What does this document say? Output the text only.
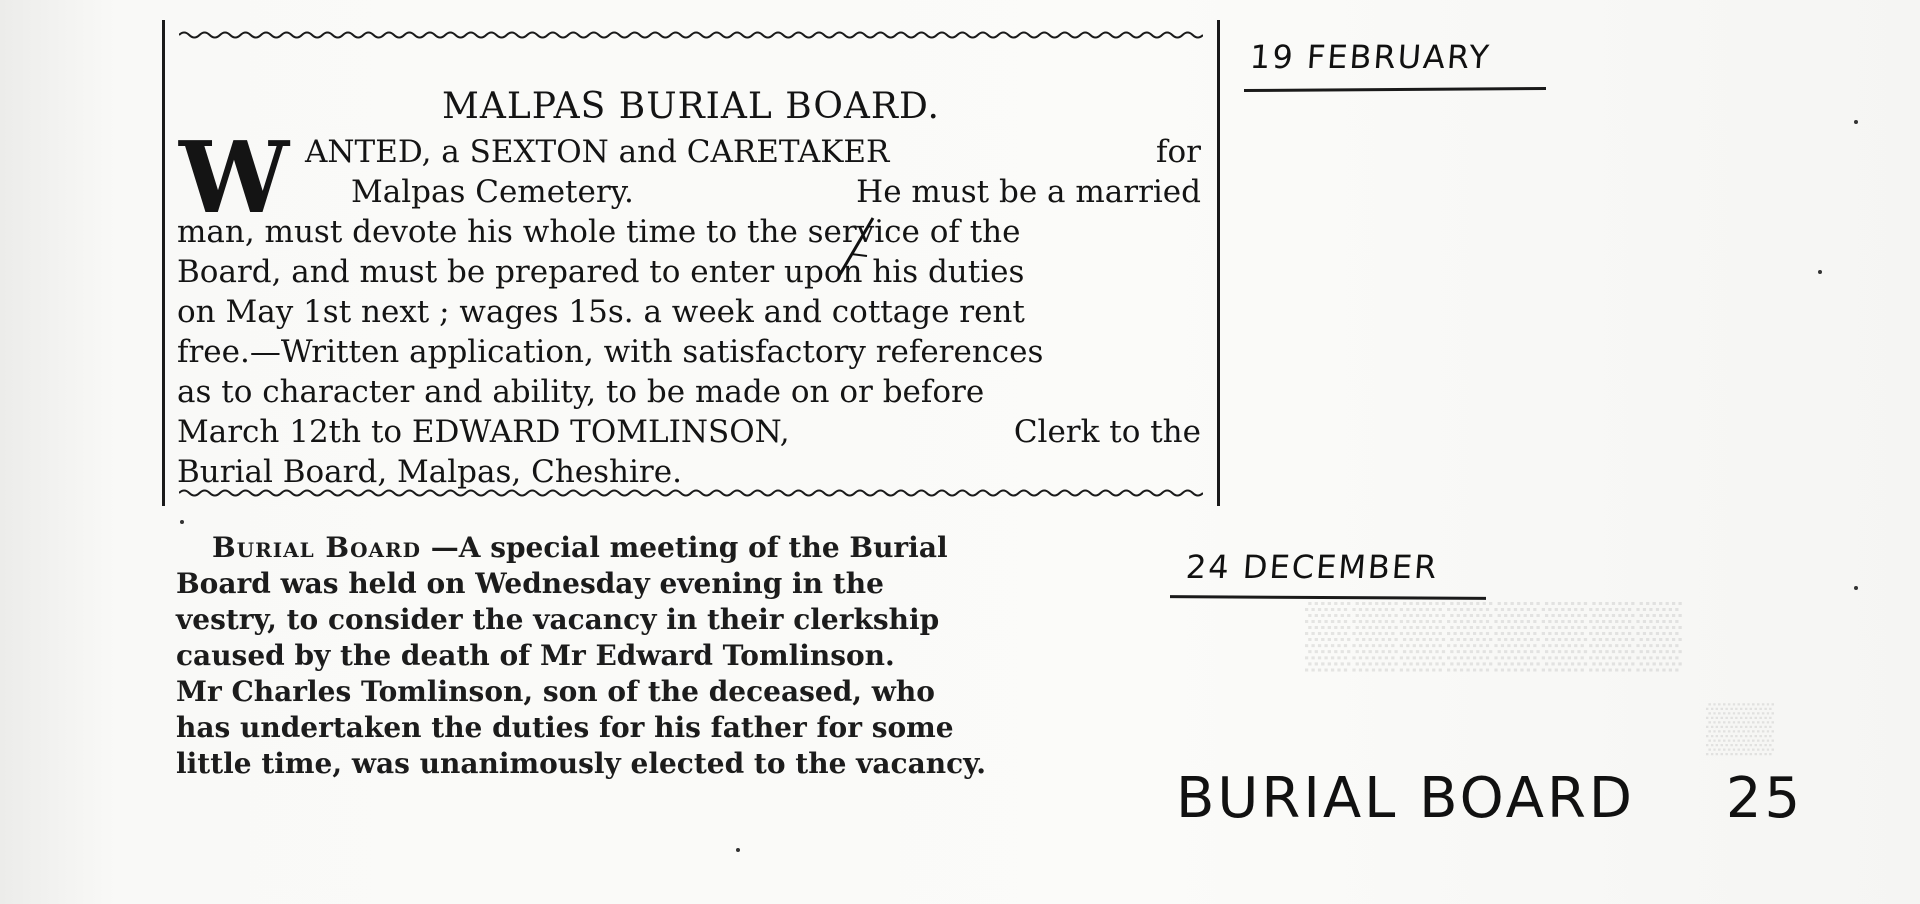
▒▒▒▒▒▒▒▒
▒▒
MALPAS BURIAL BOARD.
W ANTED, a SEXTON and CARETAKER	for
Malpas Cemetery.	He must be a married
man, must devote his whole time to the service of the
Board, and must be prepared to enter upon his duties
on May 1st next ; wages 15s. a week and cottage rent
free.—Written application, with satisfactory references
as to character and ability, to be made on or before
March 12th to EDWARD TOMLINSON,	Clerk to the
Burial Board, Malpas, Cheshire.
Burial Board —A special meeting of the Burial
Board was held on Wednesday evening in the
vestry, to consider the vacancy in their clerkship
caused by the death of Mr Edward Tomlinson.
Mr Charles Tomlinson, son of the deceased, who
has undertaken the duties for his father for some
little time, was unanimously elected to the vacancy.
19 FEBRUARY
24 DECEMBER
BURIAL BOARD 25
